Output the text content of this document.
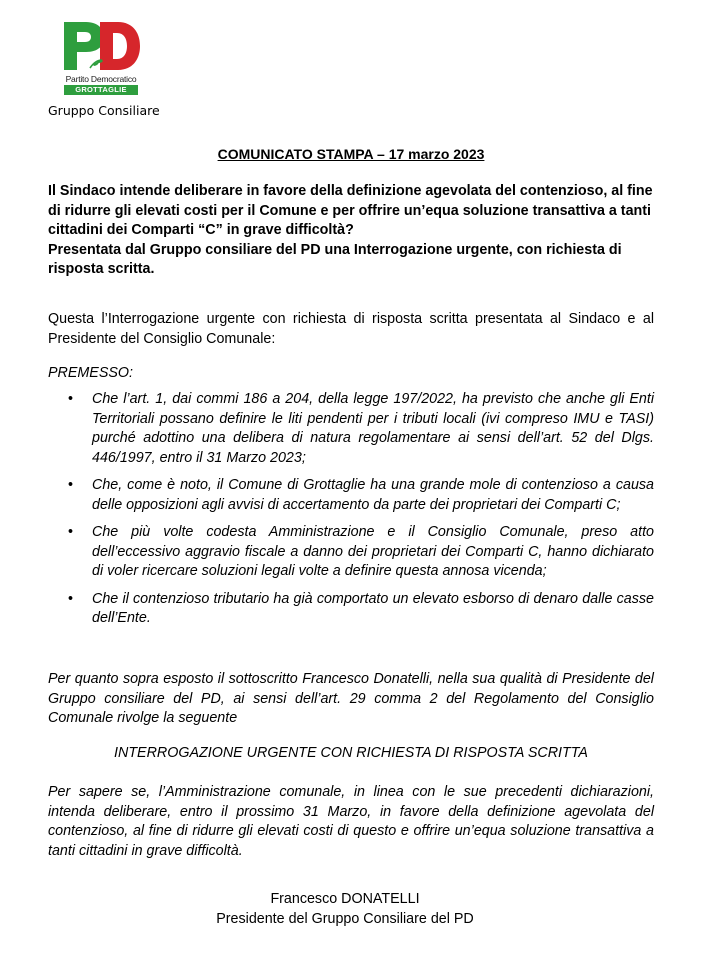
Partito Democratico
GROTTAGLIE
Gruppo Consiliare
COMUNICATO STAMPA – 17 marzo 2023

Il Sindaco intende deliberare in favore della definizione agevolata del contenzioso, al fine di ridurre gli elevati costi per il Comune e per offrire un’equa soluzione transattiva a tanti cittadini dei Comparti “C” in grave difficoltà?

Presentata dal Gruppo consiliare del PD una Interrogazione urgente, con richiesta di risposta scritta.

Questa l’Interrogazione urgente con richiesta di risposta scritta presentata al Sindaco e al Presidente del Consiglio Comunale:

PREMESSO:
• Che l’art. 1, dai commi 186 a 204, della legge 197/2022, ha previsto che anche gli Enti Territoriali possano definire le liti pendenti per i tributi locali (ivi compreso IMU e TASI) purché adottino una delibera di natura regolamentare ai sensi dell’art. 52 del Dlgs. 446/1997, entro il 31 Marzo 2023;
• Che, come è noto, il Comune di Grottaglie ha una grande mole di contenzioso a causa delle opposizioni agli avvisi di accertamento da parte dei proprietari dei Comparti C;
• Che più volte codesta Amministrazione e il Consiglio Comunale, preso atto dell’eccessivo aggravio fiscale a danno dei proprietari dei Comparti C, hanno dichiarato di voler ricercare soluzioni legali volte a definire questa annosa vicenda;
• Che il contenzioso tributario ha già comportato un elevato esborso di denaro dalle casse dell’Ente.

Per quanto sopra esposto il sottoscritto Francesco Donatelli, nella sua qualità di Presidente del Gruppo consiliare del PD, ai sensi dell’art. 29 comma 2 del Regolamento del Consiglio Comunale rivolge la seguente

INTERROGAZIONE URGENTE CON RICHIESTA DI RISPOSTA SCRITTA

Per sapere se, l’Amministrazione comunale, in linea con le sue precedenti dichiarazioni, intenda deliberare, entro il prossimo 31 Marzo, in favore della definizione agevolata del contenzioso, al fine di ridurre gli elevati costi di questo e offrire un’equa soluzione transattiva a tanti cittadini in grave difficoltà.

Francesco DONATELLI
Presidente del Gruppo Consiliare del PD
